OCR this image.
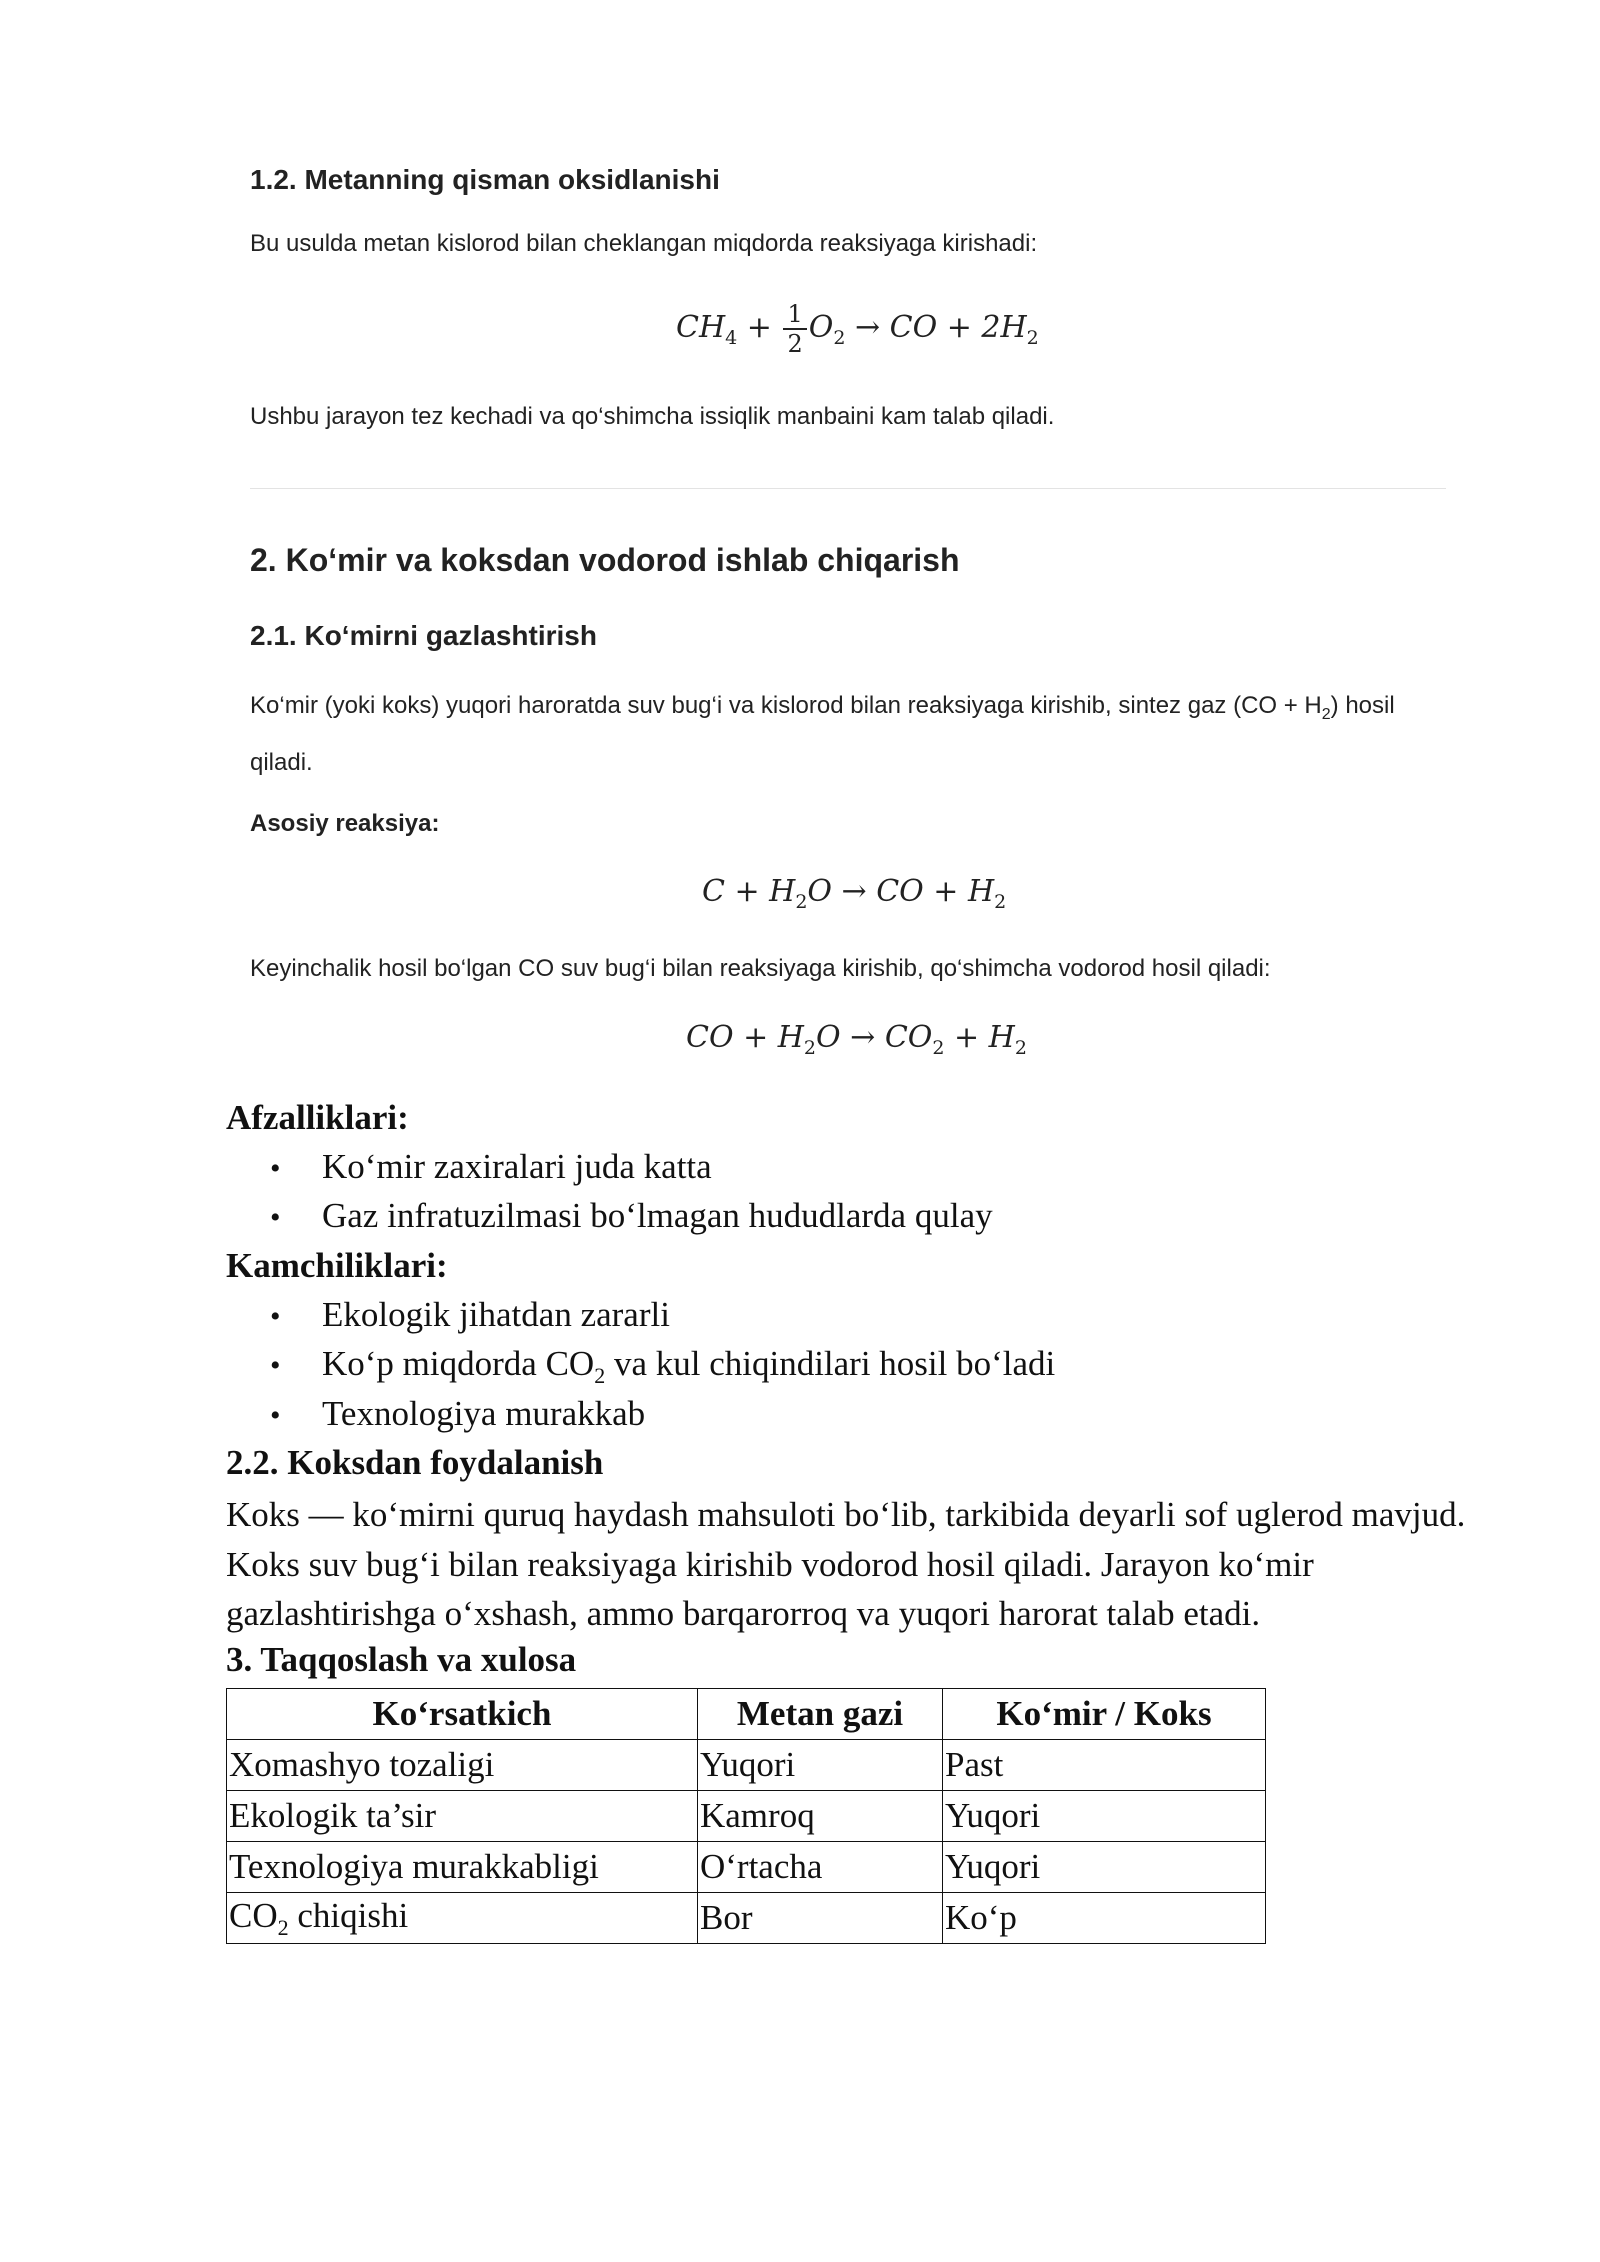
1.2. Metanning qisman oksidlanishi
Bu usulda metan kislorod bilan cheklangan miqdorda reaksiyaga kirishadi:
$CH_4 + \frac{1}{2} O_2$ → CO + $2H_2$
Ushbu jarayon tez kechadi va qo‘shimcha issiqlik manbaini kam talab qiladi.
2. Ko‘mir va koksdan vodorod ishlab chiqarish
2.1. Ko‘mirni gazlashtirish
Ko‘mir (yoki koks) yuqori haroratda suv bug‘i va kislorod bilan reaksiyaga kirishib, sintez gaz $(CO + H_2)$ hosil qiladi.
Asosiy reaksiya:
$C + H_2O$ → CO + $H_2$
Keyinchalik hosil bo‘lgan CO suv bug‘i bilan reaksiyaga kirishib, qo‘shimcha vodorod hosil qiladi:
CO + $H_2O \to CO_2 + H_2$
Afzalliklari:
• Ko‘mir zaxiralari juda katta
• Gaz infratuzilmasi bo‘lmagan hududlarda qulay
Kamchiliklari:
• Ekologik jihatdan zararli
• Ko‘p miqdorda $CO_2$ va kul chiqindilari hosil bo‘ladi
• Texnologiya murakkab
2.2. Koksdan foydalanish
Koks — ko‘mirni quruq haydash mahsuloti bo‘lib, tarkibida deyarli sof uglerod mavjud. Koks suv bug‘i bilan reaksiyaga kirishib vodorod hosil qiladi. Jarayon ko‘mir gazlashtirishga o‘xshash, ammo barqarorroq va yuqori harorat talab etadi.
3. Taqqoslash va xulosa
Ko‘rsatkich	Metan gazi	Ko‘mir / Koks
Xomashyo tozaligi	Yuqori	Past
Ekologik ta’sir	Kamroq	Yuqori
Texnologiya murakkabligi	O‘rtacha	Yuqori
$CO_2$ chiqishi	Bor	Ko‘p
